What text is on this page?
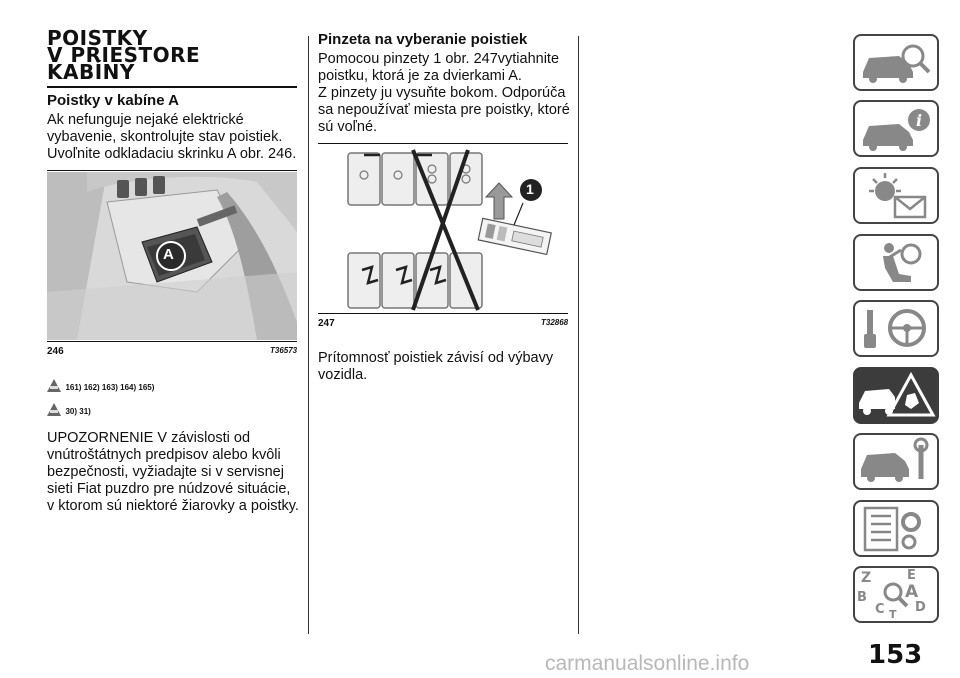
POISTKY
V PRIESTORE
KABÍNY
Poistky v kabíne A
Ak nefunguje nejaké elektrické
vybavenie, skontrolujte stav poistiek.
Uvoľnite odkladaciu skrinku A obr. 246.
A
246	T36573
161) 162) 163) 164) 165)
30) 31)
UPOZORNENIE V závislosti od
vnútroštátnych predpisov alebo kvôli
bezpečnosti, vyžiadajte si v servisnej
sieti Fiat puzdro pre núdzové situácie,
v ktorom sú niektoré žiarovky a poistky.
Pinzeta na vyberanie poistiek
Pomocou pinzety 1 obr. 247vytiahnite
poistku, ktorá je za dvierkami A.
Z pinzety ju vysuňte bokom. Odporúča
sa nepoužívať miesta pre poistky, ktoré
sú voľné.
1
247	T32868
Prítomnosť poistiek závisí od výbavy
vozidla.
i
Z	E
A
B
D
C T
153
carmanualsonline.info
